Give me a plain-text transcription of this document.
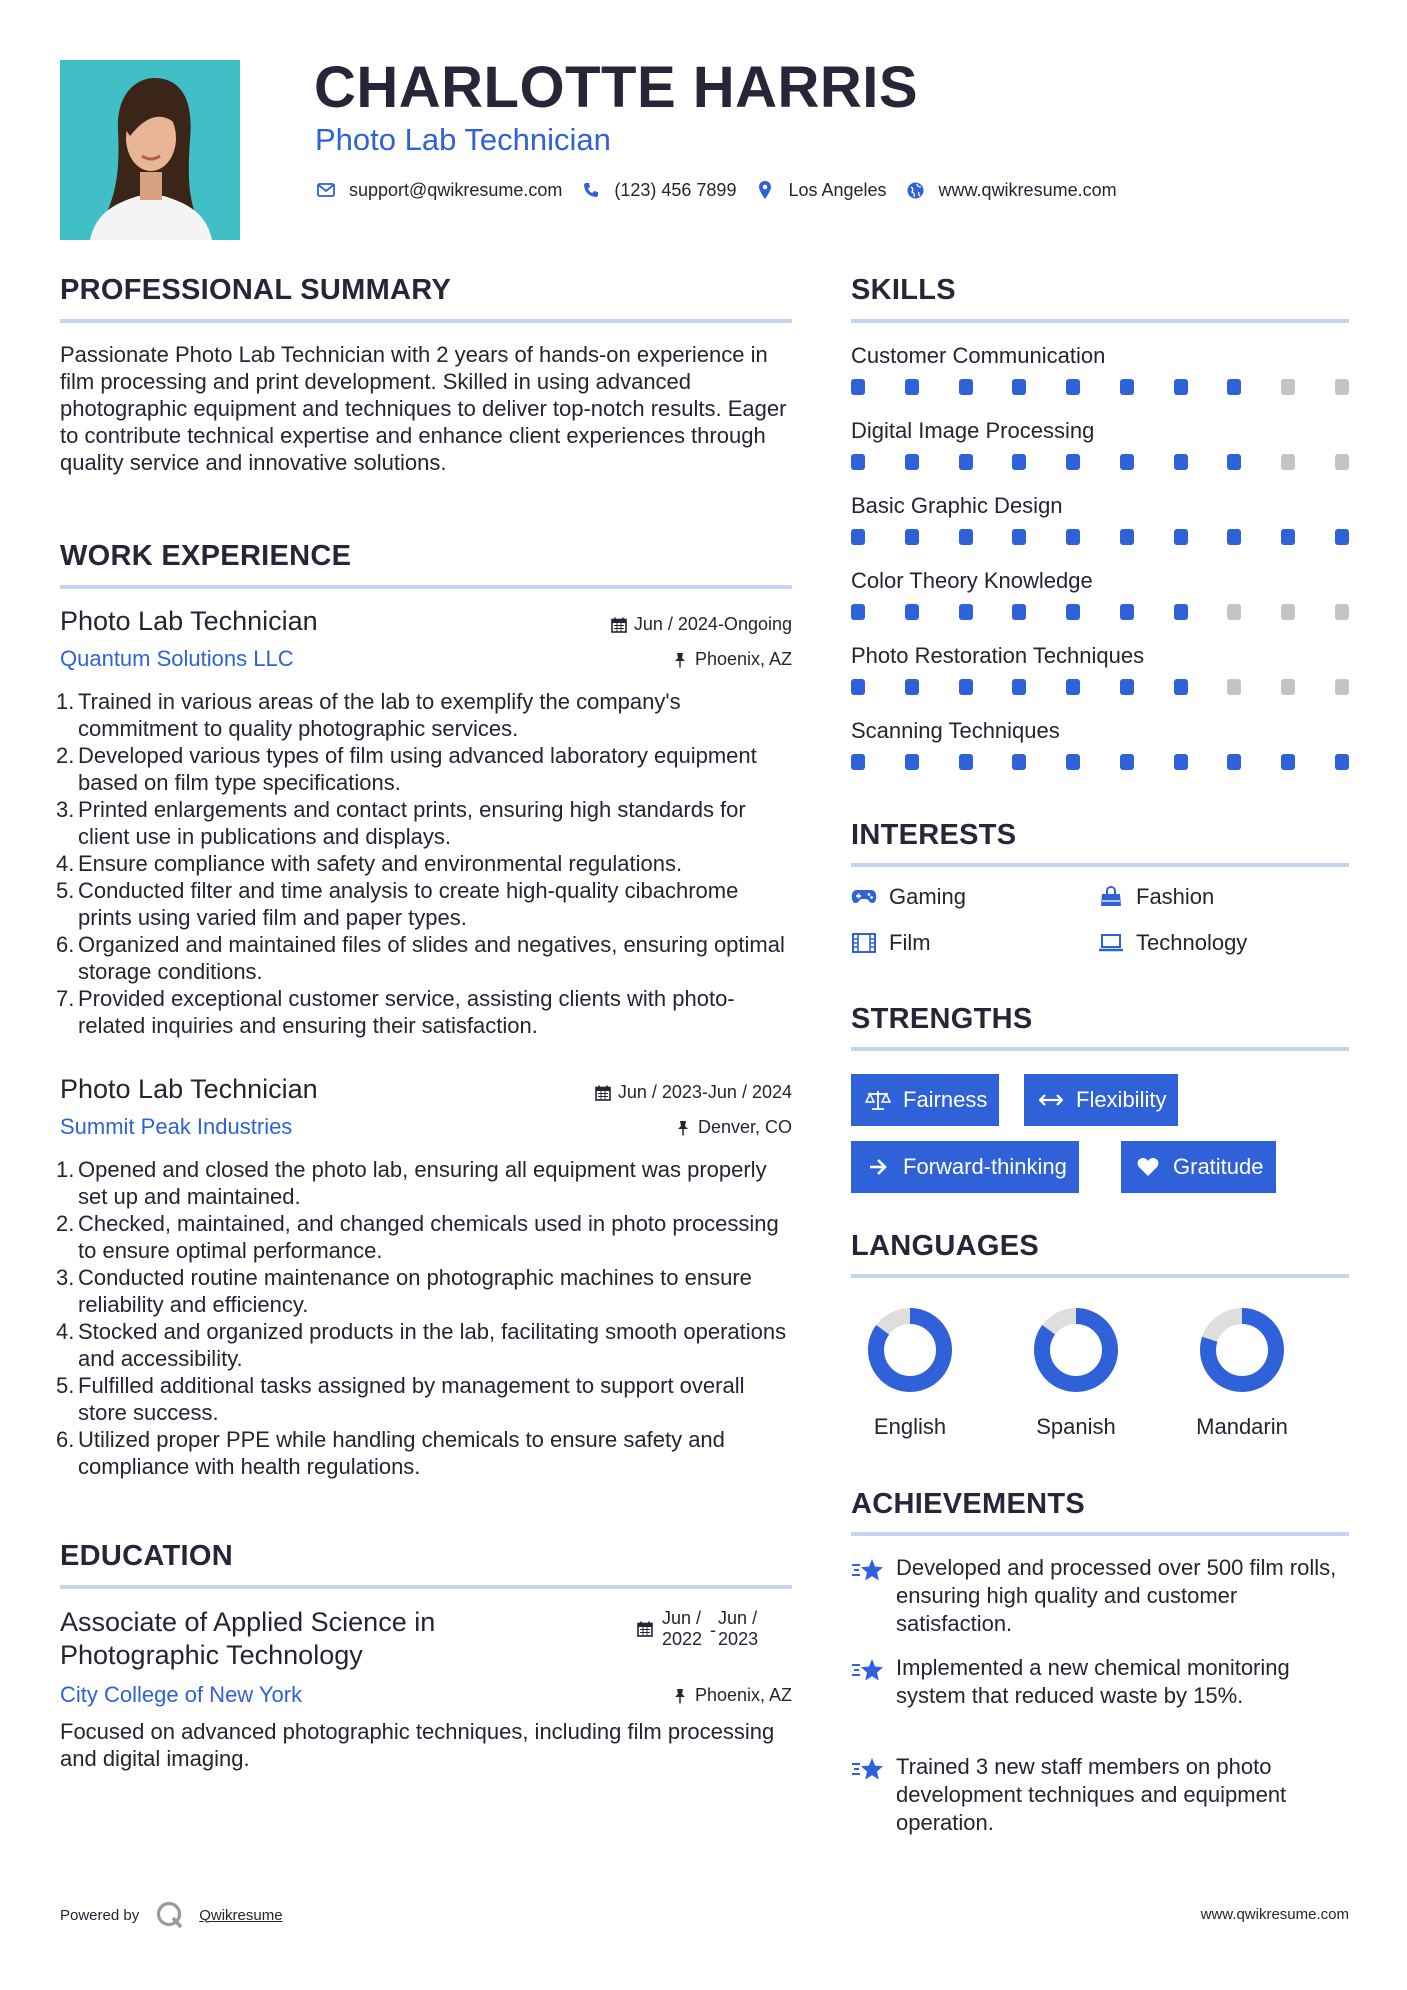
CHARLOTTE HARRIS
Photo Lab Technician
support@qwikresume.com	(123) 456 7899	Los Angeles	www.qwikresume.com
PROFESSIONAL SUMMARY
Passionate Photo Lab Technician with 2 years of hands-on experience in film processing and print development. Skilled in using advanced photographic equipment and techniques to deliver top-notch results. Eager to contribute technical expertise and enhance client experiences through quality service and innovative solutions.
WORK EXPERIENCE
Photo Lab Technician	Jun / 2024-Ongoing
Quantum Solutions LLC	Phoenix, AZ
1. Trained in various areas of the lab to exemplify the company's commitment to quality photographic services.
2. Developed various types of film using advanced laboratory equipment based on film type specifications.
3. Printed enlargements and contact prints, ensuring high standards for client use in publications and displays.
4. Ensure compliance with safety and environmental regulations.
5. Conducted filter and time analysis to create high-quality cibachrome prints using varied film and paper types.
6. Organized and maintained files of slides and negatives, ensuring optimal storage conditions.
7. Provided exceptional customer service, assisting clients with photo-related inquiries and ensuring their satisfaction.
Photo Lab Technician	Jun / 2023-Jun / 2024
Summit Peak Industries	Denver, CO
1. Opened and closed the photo lab, ensuring all equipment was properly set up and maintained.
2. Checked, maintained, and changed chemicals used in photo processing to ensure optimal performance.
3. Conducted routine maintenance on photographic machines to ensure reliability and efficiency.
4. Stocked and organized products in the lab, facilitating smooth operations and accessibility.
5. Fulfilled additional tasks assigned by management to support overall store success.
6. Utilized proper PPE while handling chemicals to ensure safety and compliance with health regulations.
EDUCATION
Associate of Applied Science in
Photographic Technology
Jun /
2022 -
Jun /
2023
City College of New York	Phoenix, AZ
Focused on advanced photographic techniques, including film processing and digital imaging.
SKILLS
Customer Communication
Digital Image Processing
Basic Graphic Design
Color Theory Knowledge
Photo Restoration Techniques
Scanning Techniques
INTERESTS
Gaming	Fashion
Film	Technology
STRENGTHS
Fairness	Flexibility
Forward-thinking	Gratitude
LANGUAGES
English	Spanish	Mandarin
ACHIEVEMENTS
Developed and processed over 500 film rolls, ensuring high quality and customer satisfaction.
Implemented a new chemical monitoring system that reduced waste by 15%.
Trained 3 new staff members on photo development techniques and equipment operation.
Powered by	Qwikresume	www.qwikresume.com
